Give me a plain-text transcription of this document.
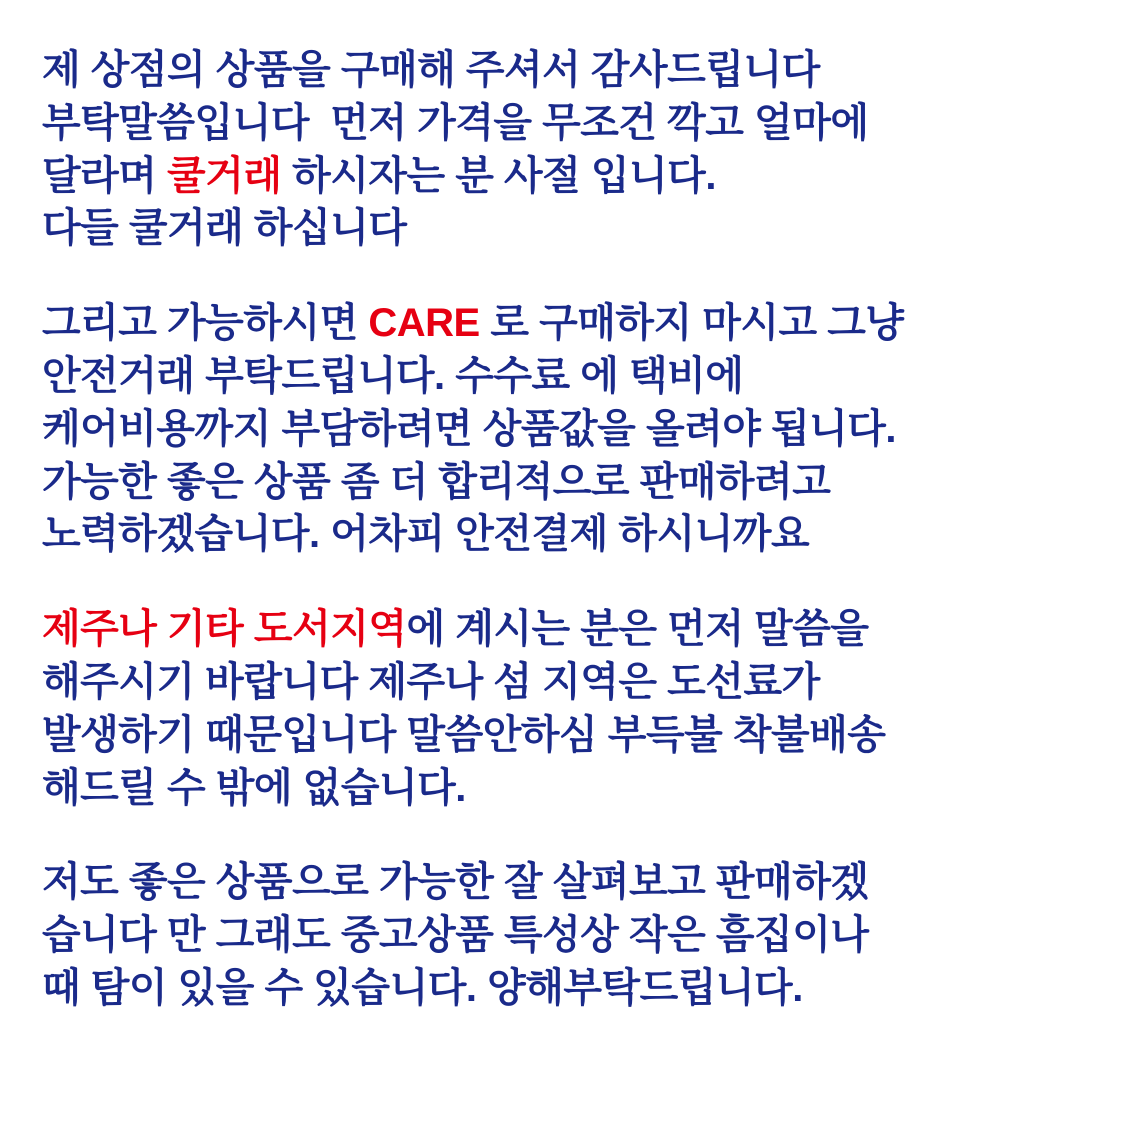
제 상점의 상품을 구매해 주셔서 감사드립니다
부탁말씀입니다  먼저 가격을 무조건 깍고 얼마에
달라며 쿨거래 하시자는 분 사절 입니다.
다들 쿨거래 하십니다
그리고 가능하시면 CARE 로 구매하지 마시고 그냥
안전거래 부탁드립니다. 수수료 에 택비에
케어비용까지 부담하려면 상품값을 올려야 됩니다.
가능한 좋은 상품 좀 더 합리적으로 판매하려고
노력하겠습니다. 어차피 안전결제 하시니까요
제주나 기타 도서지역에 계시는 분은 먼저 말씀을
해주시기 바랍니다 제주나 섬 지역은 도선료가
발생하기 때문입니다 말씀안하심 부득불 착불배송
해드릴 수 밖에 없습니다.
저도 좋은 상품으로 가능한 잘 살펴보고 판매하겠
습니다 만 그래도 중고상품 특성상 작은 흠집이나
때 탐이 있을 수 있습니다. 양해부탁드립니다.
